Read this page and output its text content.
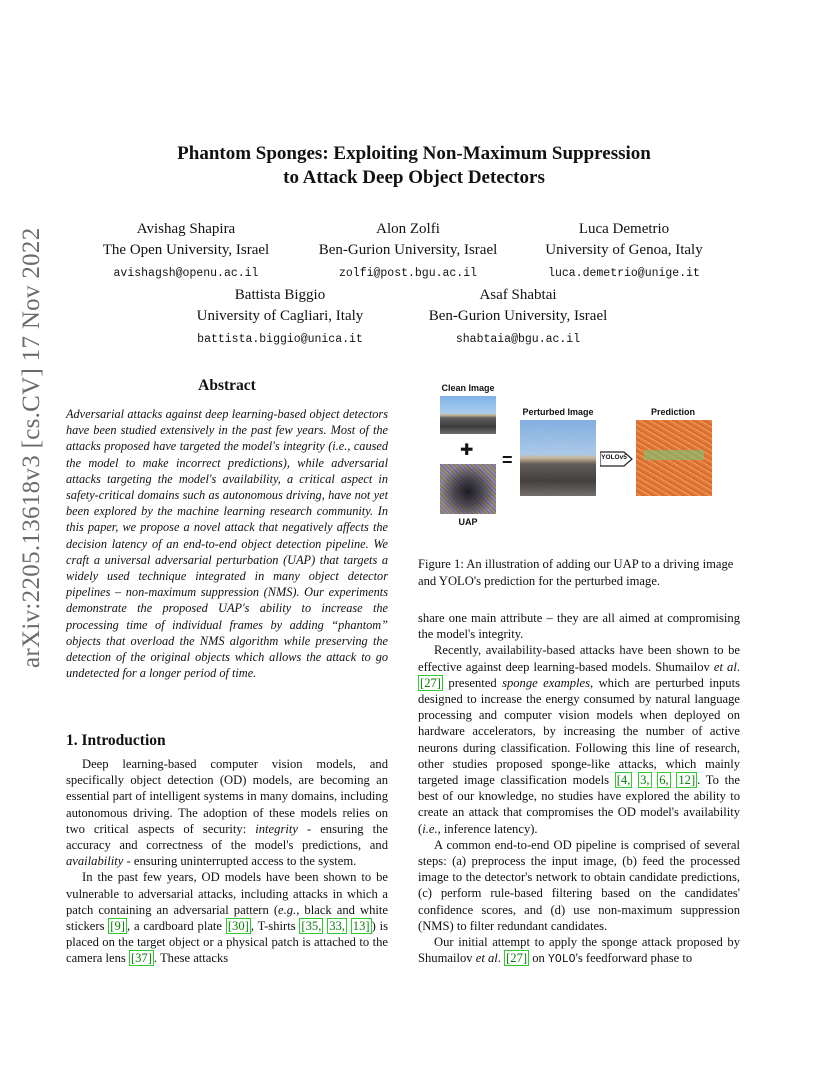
arXiv:2205.13618v3 [cs.CV] 17 Nov 2022
Phantom Sponges: Exploiting Non-Maximum Suppression
to Attack Deep Object Detectors
Avishag Shapira
The Open University, Israel
avishagsh@openu.ac.il
Alon Zolfi
Ben-Gurion University, Israel
zolfi@post.bgu.ac.il
Luca Demetrio
University of Genoa, Italy
luca.demetrio@unige.it
Battista Biggio
University of Cagliari, Italy
battista.biggio@unica.it
Asaf Shabtai
Ben-Gurion University, Israel
shabtaia@bgu.ac.il
Abstract
Adversarial attacks against deep learning-based object detectors have been studied extensively in the past few years. Most of the attacks proposed have targeted the model's integrity (i.e., caused the model to make incorrect predictions), while adversarial attacks targeting the model's availability, a critical aspect in safety-critical domains such as autonomous driving, have not yet been explored by the machine learning research community. In this paper, we propose a novel attack that negatively affects the decision latency of an end-to-end object detection pipeline. We craft a universal adversarial perturbation (UAP) that targets a widely used technique integrated in many object detector pipelines – non-maximum suppression (NMS). Our experiments demonstrate the proposed UAP's ability to increase the processing time of individual frames by adding “phantom” objects that overload the NMS algorithm while preserving the detection of the original objects which allows the attack to go undetected for a longer period of time.
1. Introduction

Deep learning-based computer vision models, and specifically object detection (OD) models, are becoming an essential part of intelligent systems in many domains, including autonomous driving. The adoption of these models relies on two critical aspects of security: integrity - ensuring the accuracy and correctness of the model's predictions, and availability - ensuring uninterrupted access to the system.

In the past few years, OD models have been shown to be vulnerable to adversarial attacks, including attacks in which a patch containing an adversarial pattern (e.g., black and white stickers [9] , a cardboard plate [30] , T-shirts [35, 33, 13] ) is placed on the target object or a physical patch is attached to the camera lens [37] . These attacks

Clean Image
✚
UAP
=
Perturbed Image
YOLOv5
Prediction
Figure 1: An illustration of adding our UAP to a driving image and YOLO's prediction for the perturbed image.

share one main attribute – they are all aimed at compromising the model's integrity.

Recently, availability-based attacks have been shown to be effective against deep learning-based models. Shumailov et al. [27] presented sponge examples, which are perturbed inputs designed to increase the energy consumed by natural language processing and computer vision models when deployed on hardware accelerators, by increasing the number of active neurons during classification. Following this line of research, other studies proposed sponge-like attacks, which mainly targeted image classification models [4, 3, 6, 12] . To the best of our knowledge, no studies have explored the ability to create an attack that compromises the OD model's availability (i.e., inference latency).

A common end-to-end OD pipeline is comprised of several steps: (a) preprocess the input image, (b) feed the processed image to the detector's network to obtain candidate predictions, (c) perform rule-based filtering based on the candidates' confidence scores, and (d) use non-maximum suppression (NMS) to filter redundant candidates.

Our initial attempt to apply the sponge attack proposed by Shumailov et al. [27] on YOLO's feedforward phase to
